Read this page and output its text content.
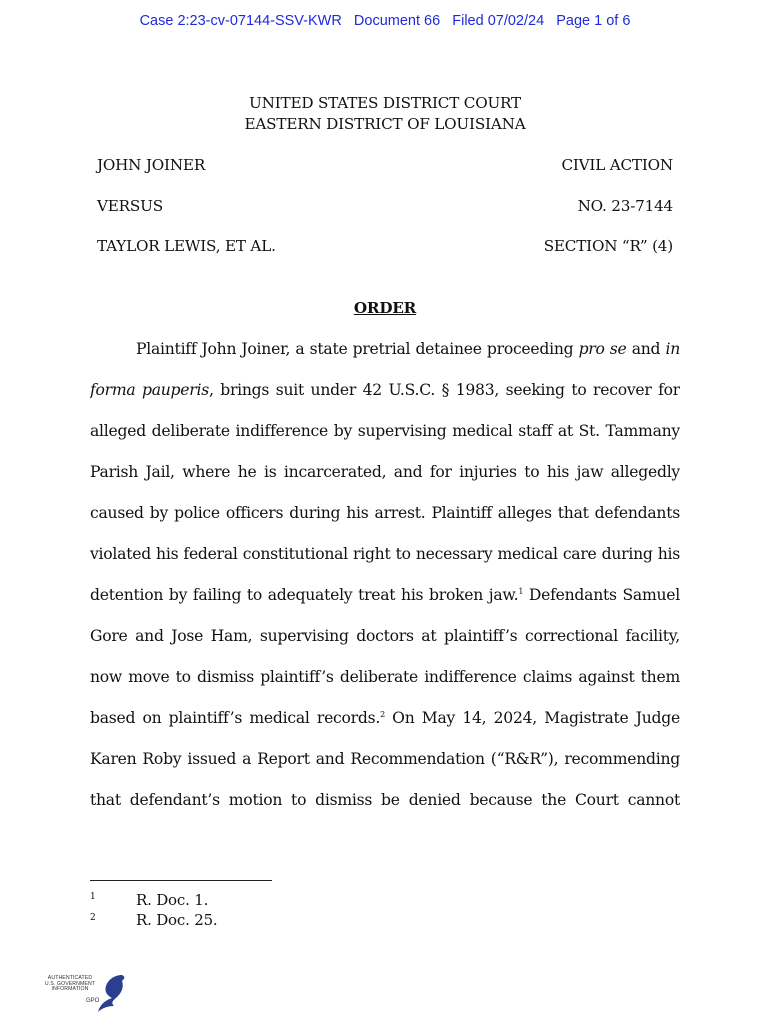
Case 2:23-cv-07144-SSV-KWR   Document 66   Filed 07/02/24   Page 1 of 6
UNITED STATES DISTRICT COURT
EASTERN DISTRICT OF LOUISIANA
JOHN JOINER	CIVIL ACTION
VERSUS	NO. 23-7144
TAYLOR LEWIS, ET AL.	SECTION “R” (4)
ORDER
Plaintiff John Joiner, a state pretrial detainee proceeding pro se and in
forma pauperis, brings suit under 42 U.S.C. § 1983, seeking to recover for
alleged deliberate indifference by supervising medical staff at St. Tammany
Parish Jail, where he is incarcerated, and for injuries to his jaw allegedly
caused by police officers during his arrest. Plaintiff alleges that defendants
violated his federal constitutional right to necessary medical care during his
detention by failing to adequately treat his broken jaw.$^1$ Defendants Samuel
Gore and Jose Ham, supervising doctors at plaintiff’s correctional facility,
now move to dismiss plaintiff’s deliberate indifference claims against them
based on plaintiff’s medical records.$^2$ On May 14, 2024, Magistrate Judge
Karen Roby issued a Report and Recommendation (“R&R”), recommending
that defendant’s motion to dismiss be denied because the Court cannot
1	R. Doc. 1.
2	R. Doc. 25.
AUTHENTICATED
U.S. GOVERNMENT
INFORMATION
GPO
